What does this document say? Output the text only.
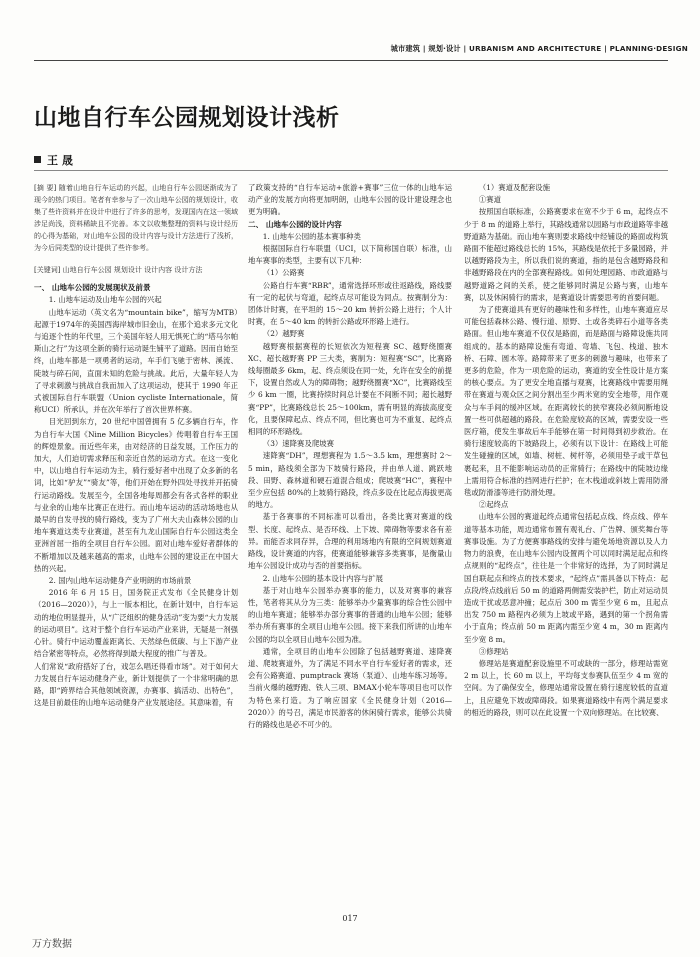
城市建筑 | 规划·设计 | URBANISM AND ARCHITECTURE | PLANNING·DESIGN
山地自行车公园规划设计浅析
王 晟

[摘 要] 随着山地自行车运动的兴起，山地自行车公园逐渐成为了现今的热门项目。笔者有幸参与了一次山地车公园的规划设计，收集了些许资料并在设计中进行了许多的思考，发现国内在这一领域涉足尚浅，资料稀缺且不完善。本文以收集整理的资料与设计经历的心得为基础，对山地车公园的设计内容与设计方法进行了浅析，为今后同类型的设计提供了些许参考。

[关键词] 山地自行车公园 规划设计 设计内容 设计方法

一、 山地车公园的发展现状及前景

1. 山地车运动及山地车公园的兴起

山地车运动（英文名为“mountain bike”，缩写为MTB）起源于1974年的美国西海岸城市旧金山，在那个追求多元文化与追逐个性的年代里，三个美国年轻人用无惧死亡的“塔马尔帕斯山之行”为这项全新的骑行运动诞生铺平了道路。因而自始至终，山地车都是一项勇者的运动，车手们飞驰于密林、溪流、陡坡与碎石间，直面未知的危险与挑战。此后，大量年轻人为了寻求刺激与挑战自我而加入了这项运动，使其于 1990 年正式被国际自行车联盟（Union cycliste Internationale，简称UCI）所承认，并在次年举行了首次世界杯赛。

目光回到东方，20 世纪中国曾拥有 5 亿多辆自行车，作为自行车大国《Nine Million Bicycles》传唱着自行车王国的辉煌景象。而近些年来，由对经济的日益发展，工作压力的加大，人们迫切需求释压和亲近自然的运动方式。在这一变化中，以山地自行车运动为主，骑行爱好者中出现了众多新的名词，比如“驴友”“骑友”等，他们开始在野外四处寻找并开拓骑行运动路线。发展至今，全国各地每周都会有各式各样的职业与业余的山地车比赛正在进行。而山地车运动的活动场地也从最早的自发寻找的骑行路线，变为了广州大夫山森林公园的山地车赛道这类专业赛道，甚至有九龙山国际自行车公园这类全亚洲首屈一指的全项目自行车公园。面对山地车爱好者群体的不断增加以及越来越高的需求，山地车公园的建设正在中国大热的兴起。

2. 国内山地车运动健身产业明朗的市场前景

2016 年 6 月 15 日，国务院正式发布《全民健身计划（2016—2020）》，与上一版本相比，在新计划中，自行车运动的地位明显提升，从“广泛组织的健身活动”变为要“大力发展的运动项目”。这对于整个自行车运动产业来讲，无疑是一剂强心针。骑行中运动覆盖距离长、天然绿色低碳、与上下游产业结合紧密等特点，必然将得到最大程度的推广与普及。

人们常说“政府搭好了台，戏怎么唱还得看市场”。对于如何大力发展自行车运动健身产业，新计划提供了一个非常明确的思路，即“跨界结合其他领域资源，办赛事、搞活动、出特色”，这是目前最佳的山地车运动健身产业发展途径。其意味着，有

了政策支持的“自行车运动+旅游+赛事”三位一体的山地车运动产业的发展方向将更加明朗，山地车公园的设计建设理念也更为明确。

二、 山地车公园的设计内容

1. 山地车公园的基本赛事种类

根据国际自行车联盟（UCI，以下简称国自联）标准，山地车赛事的类型，主要有以下几种：

（1）公路赛

公路自行车赛“RBR”，通常选择环形或往返路线，路线要有一定的起伏与弯道，起终点尽可能设为同点。按赛制分为：团体计时赛，在平坦的 15～20 km 转折公路上进行；个人计时赛，在 5～40 km 的转折公路或环形路上进行。

（2）越野赛

越野赛根据赛程的长短依次为短程赛 SC、越野绕圈赛 XC、超长越野赛 PP 三大类，赛制为：短程赛“SC”，比赛路线每圈最多 6km，起、终点须设在同一处，允许在安全的前提下，设置自然或人为的障碍物；越野绕圈赛“XC”，比赛路线至少 6 km 一圈，比赛持续时间总计要在不间断不同；超长越野赛“PP”，比赛路线总长 25～100km，需有明显的海拔高度变化，且要保障起点、终点不同，但比赛也可为不重复、起终点相同的环形路线。

（3）速降赛及爬坡赛

速降赛“DH”，理想赛程为 1.5～3.5 km，理想赛时 2～5 min，路线须全部为下坡骑行路段，并由单人道、跳跃地段、田野、森林道和硬石道混合组成；爬坡赛“HC”，赛程中至少应包括 80%的上坡骑行路段，终点多设在比起点海拔更高的地方。

基于各赛事的不同标准可以看出，各类比赛对赛道的线型、长度、起终点、是否环线、上下坡、障碍物等要求各有差异。而能否求同存异，合理的利用场地内有限的空间规划赛道路线，设计赛道的内容，使赛道能够兼容多类赛事，是衡量山地车公园设计成功与否的首要指标。

2. 山地车公园的基本设计内容与扩展

基于对山地车公园举办赛事的能力，以及对赛事的兼容性，笔者将其从分为三类：能够举办少量赛事的综合性公园中的山地车赛道；能够举办部分赛事的普通的山地车公园；能够举办所有赛事的全项目山地车公园。接下来我们所讲的山地车公园的均以全项目山地车公园为准。

通常，全项目的山地车公园除了包括越野赛道、速降赛道、爬坡赛道外，为了满足不同水平自行车爱好者的需求，还会有公路赛道、pumptrack 赛场（泵道）、山地车练习场等。当前火爆的越野跑、铁人三项、BMAX小轮车等项目也可以作为特色来打造。为了响应国家《全民健身计划（2016—2020）》的号召，满足市民游客的休闲骑行需求，能够公共骑行的路线也是必不可少的。

（1）赛道及配套设施

①赛道

按照国自联标准，公路赛要求在宽不少于 6 m，起终点不少于 8 m 的道路上举行，其路线通常以园路与市政道路等非越野道路为基础。而山地车赛则要求路线中经铺设的路面或构筑路面不能超过路线总长的 15%，其路线是依托于多量园路，并以越野路段为主，所以我们说的赛道，指的是包含越野路段和非越野路段在内的全部赛程路线。如何处理园路、市政道路与越野道路之间的关系，使之能够同时满足公路与赛，山地车赛，以及休闲骑行的需求，是赛道设计需要思考的首要问题。

为了使赛道具有更好的趣味性和多样性，山地车赛道应尽可能包括森林公路、慢行道、原野、土或各类碎石小道等各类路面。但山地车赛道不仅仅是路面，而是路面与路障设施共同组成的。基本的路障设施有弯道、弯墙、飞包、栈道、独木桥、石障、圆木等。路障带来了更多的刺激与趣味，也带来了更多的危险，作为一项危险的运动，赛道的安全性设计是方案的核心要点。为了更安全地直播与观赛，比赛路线中需要用绳带在赛道与观众区之间分割出至少两米宽的安全地带，用作观众与车手间的缓冲区域。在距离较长的狭窄赛段必须间断地设置一些可供超越的路段。在危险度较高的区域，需要安设一些医疗箱，使发生事故后车手能够在第一时间得到初步救治。在骑行速度较高的下坡路段上，必须有以下设计：在路线上可能发生碰撞的区域，如墙、树桩、树杆等，必须用垫子或干草包裹起来，且不能影响运动员的正常骑行；在路线中的陡坡边缘上需用符合标准的挡网进行拦护；在木栈道或斜坡上需用防滑毯或防滑漆等进行防滑处理。

②起终点

山地车公园的赛道起终点通常包括起点线、终点线、停车道等基本功能，周边通常布置有观礼台、广告牌、颁奖舞台等赛事设施。为了方便赛事路线的安排与避免场地资源以及人力物力的浪费，在山地车公园内设置两个可以同时满足起点和终点规则的“起终点”，往往是一个非常好的选择，为了同时满足国自联起点和终点的技术要求，“起终点”需具备以下特点：起点段/终点线前后 50 m 的道路两侧需安装护栏，防止对运动员造成干扰或恶意冲撞；起点后 300 m 需至少宽 6 m，且起点出发 750 m 路程内必须为上坡或平路，遇到的第一个拐角需小于直角；终点前 50 m 距离内需至少宽 4 m，30 m 距离内至少宽 8 m。

③修理站

修理站是赛道配套设施里不可或缺的一部分，修理站需宽 2 m 以上，长 60 m 以上，平均每支参赛队伍至少 4 m 宽的空间。为了确保安全，修理站通常设置在骑行速度较低的直道上，且应避免下坡或障碍段。如果赛道路线中有两个满足要求的相近的路段，则可以在此设置一个双向修理站。在比较赛、

017
万方数据
